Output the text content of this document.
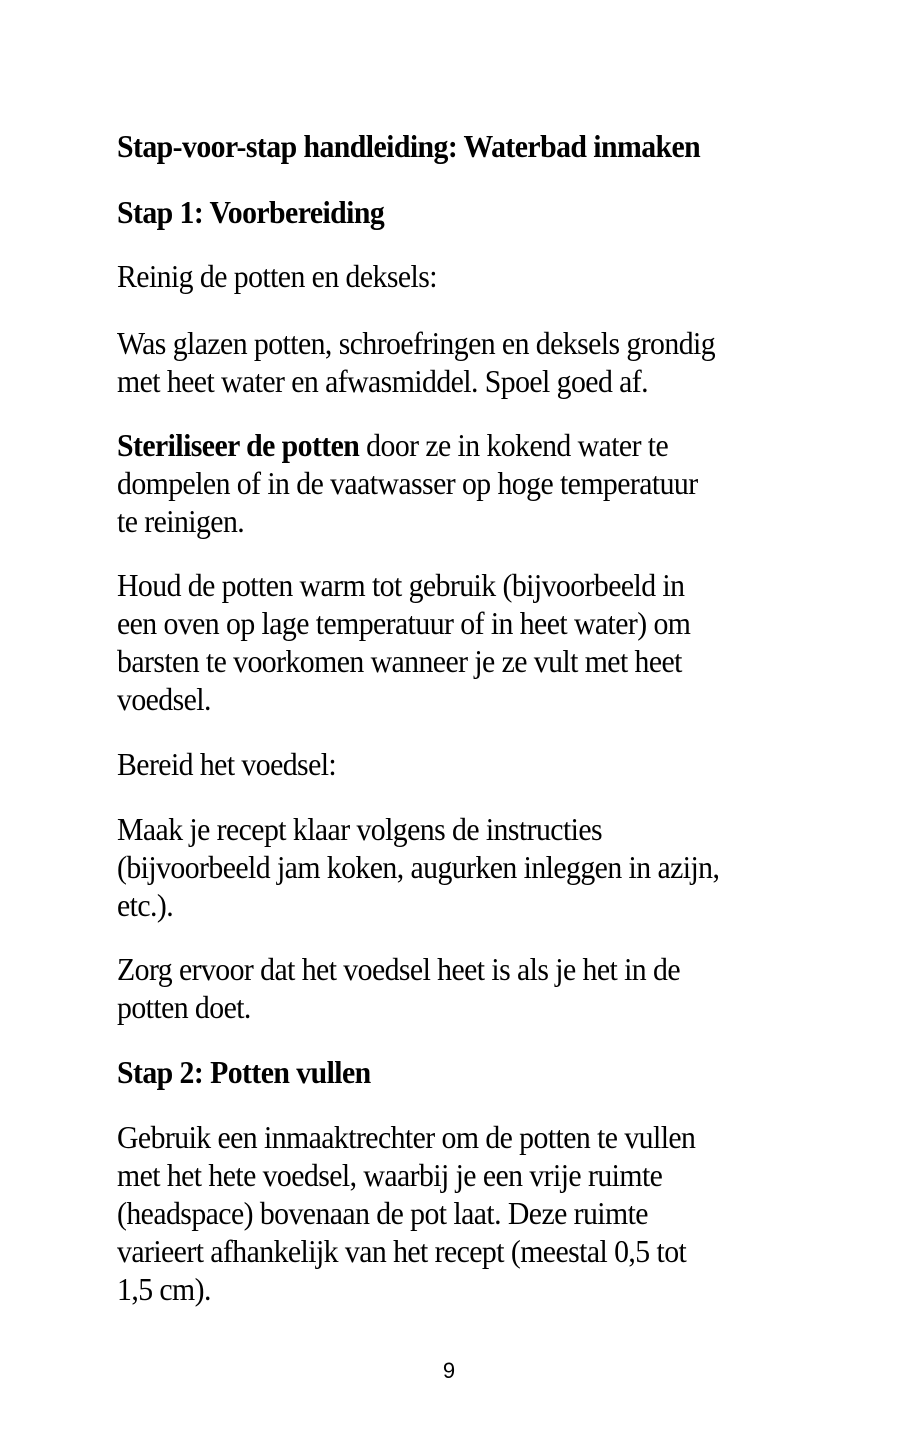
Stap-voor-stap handleiding: Waterbad inmaken
Stap 1: Voorbereiding
Reinig de potten en deksels:
Was glazen potten, schroefringen en deksels grondig
met heet water en afwasmiddel. Spoel goed af.
Steriliseer de potten door ze in kokend water te
dompelen of in de vaatwasser op hoge temperatuur
te reinigen.
Houd de potten warm tot gebruik (bijvoorbeeld in
een oven op lage temperatuur of in heet water) om
barsten te voorkomen wanneer je ze vult met heet
voedsel.
Bereid het voedsel:
Maak je recept klaar volgens de instructies
(bijvoorbeeld jam koken, augurken inleggen in azijn,
etc.).
Zorg ervoor dat het voedsel heet is als je het in de
potten doet.
Stap 2: Potten vullen
Gebruik een inmaaktrechter om de potten te vullen
met het hete voedsel, waarbij je een vrije ruimte
(headspace) bovenaan de pot laat. Deze ruimte
varieert afhankelijk van het recept (meestal 0,5 tot
1,5 cm).
9
